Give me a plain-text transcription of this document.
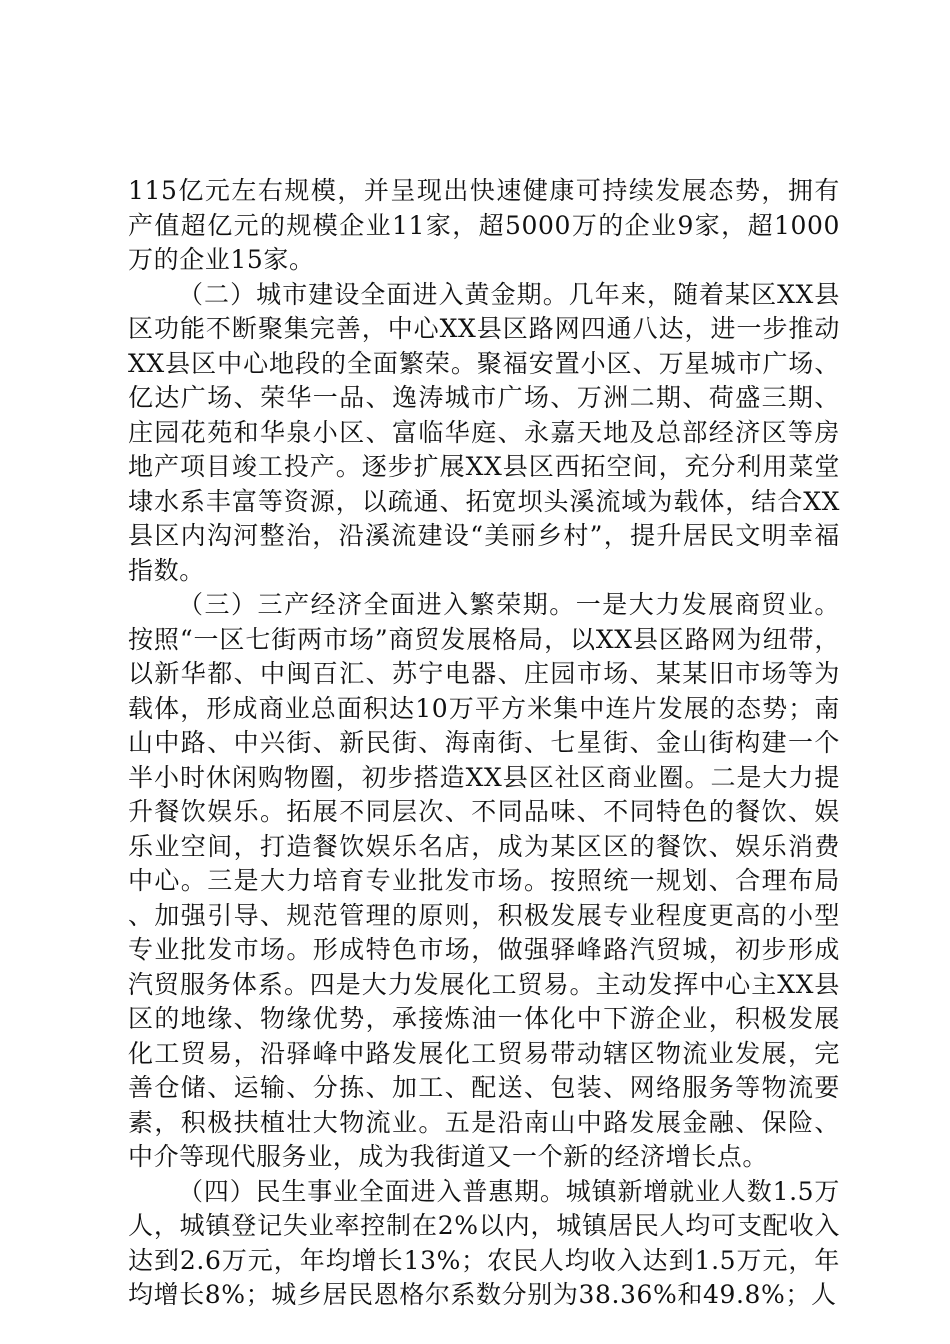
115亿元左右规模，并呈现出快速健康可持续发展态势，拥有产值超亿元的规模企业11家，超5000万的企业9家，超1000万的企业15家。

（二）城市建设全面进入黄金期。几年来，随着某区XX县区功能不断聚集完善，中心XX县区路网四通八达，进一步推动XX县区中心地段的全面繁荣。聚福安置小区、万星城市广场、亿达广场、荣华一品、逸涛城市广场、万洲二期、荷盛三期、庄园花苑和华泉小区、富临华庭、永嘉天地及总部经济区等房地产项目竣工投产。逐步扩展XX县区西拓空间，充分利用菜堂埭水系丰富等资源，以疏通、拓宽坝头溪流域为载体，结合XX县区内沟河整治，沿溪流建设“美丽乡村”，提升居民文明幸福指数。

（三）三产经济全面进入繁荣期。一是大力发展商贸业。按照“一区七街两市场”商贸发展格局，以XX县区路网为纽带，以新华都、中闽百汇、苏宁电器、庄园市场、某某旧市场等为载体，形成商业总面积达10万平方米集中连片发展的态势；南山中路、中兴街、新民街、海南街、七星街、金山街构建一个半小时休闲购物圈，初步搭造XX县区社区商业圈。二是大力提升餐饮娱乐。拓展不同层次、不同品味、不同特色的餐饮、娱乐业空间，打造餐饮娱乐名店，成为某区区的餐饮、娱乐消费中心。三是大力培育专业批发市场。按照统一规划、合理布局、加强引导、规范管理的原则，积极发展专业程度更高的小型专业批发市场。形成特色市场，做强驿峰路汽贸城，初步形成汽贸服务体系。四是大力发展化工贸易。主动发挥中心主XX县区的地缘、物缘优势，承接炼油一体化中下游企业，积极发展化工贸易，沿驿峰中路发展化工贸易带动辖区物流业发展，完善仓储、运输、分拣、加工、配送、包装、网络服务等物流要素，积极扶植壮大物流业。五是沿南山中路发展金融、保险、中介等现代服务业，成为我街道又一个新的经济增长点。

（四）民生事业全面进入普惠期。城镇新增就业人数1.5万人，城镇登记失业率控制在2%以内，城镇居民人均可支配收入达到2.6万元，年均增长13%；农民人均收入达到1.5万元，年均增长8%；城乡居民恩格尔系数分别为38.36%和49.8%；人
